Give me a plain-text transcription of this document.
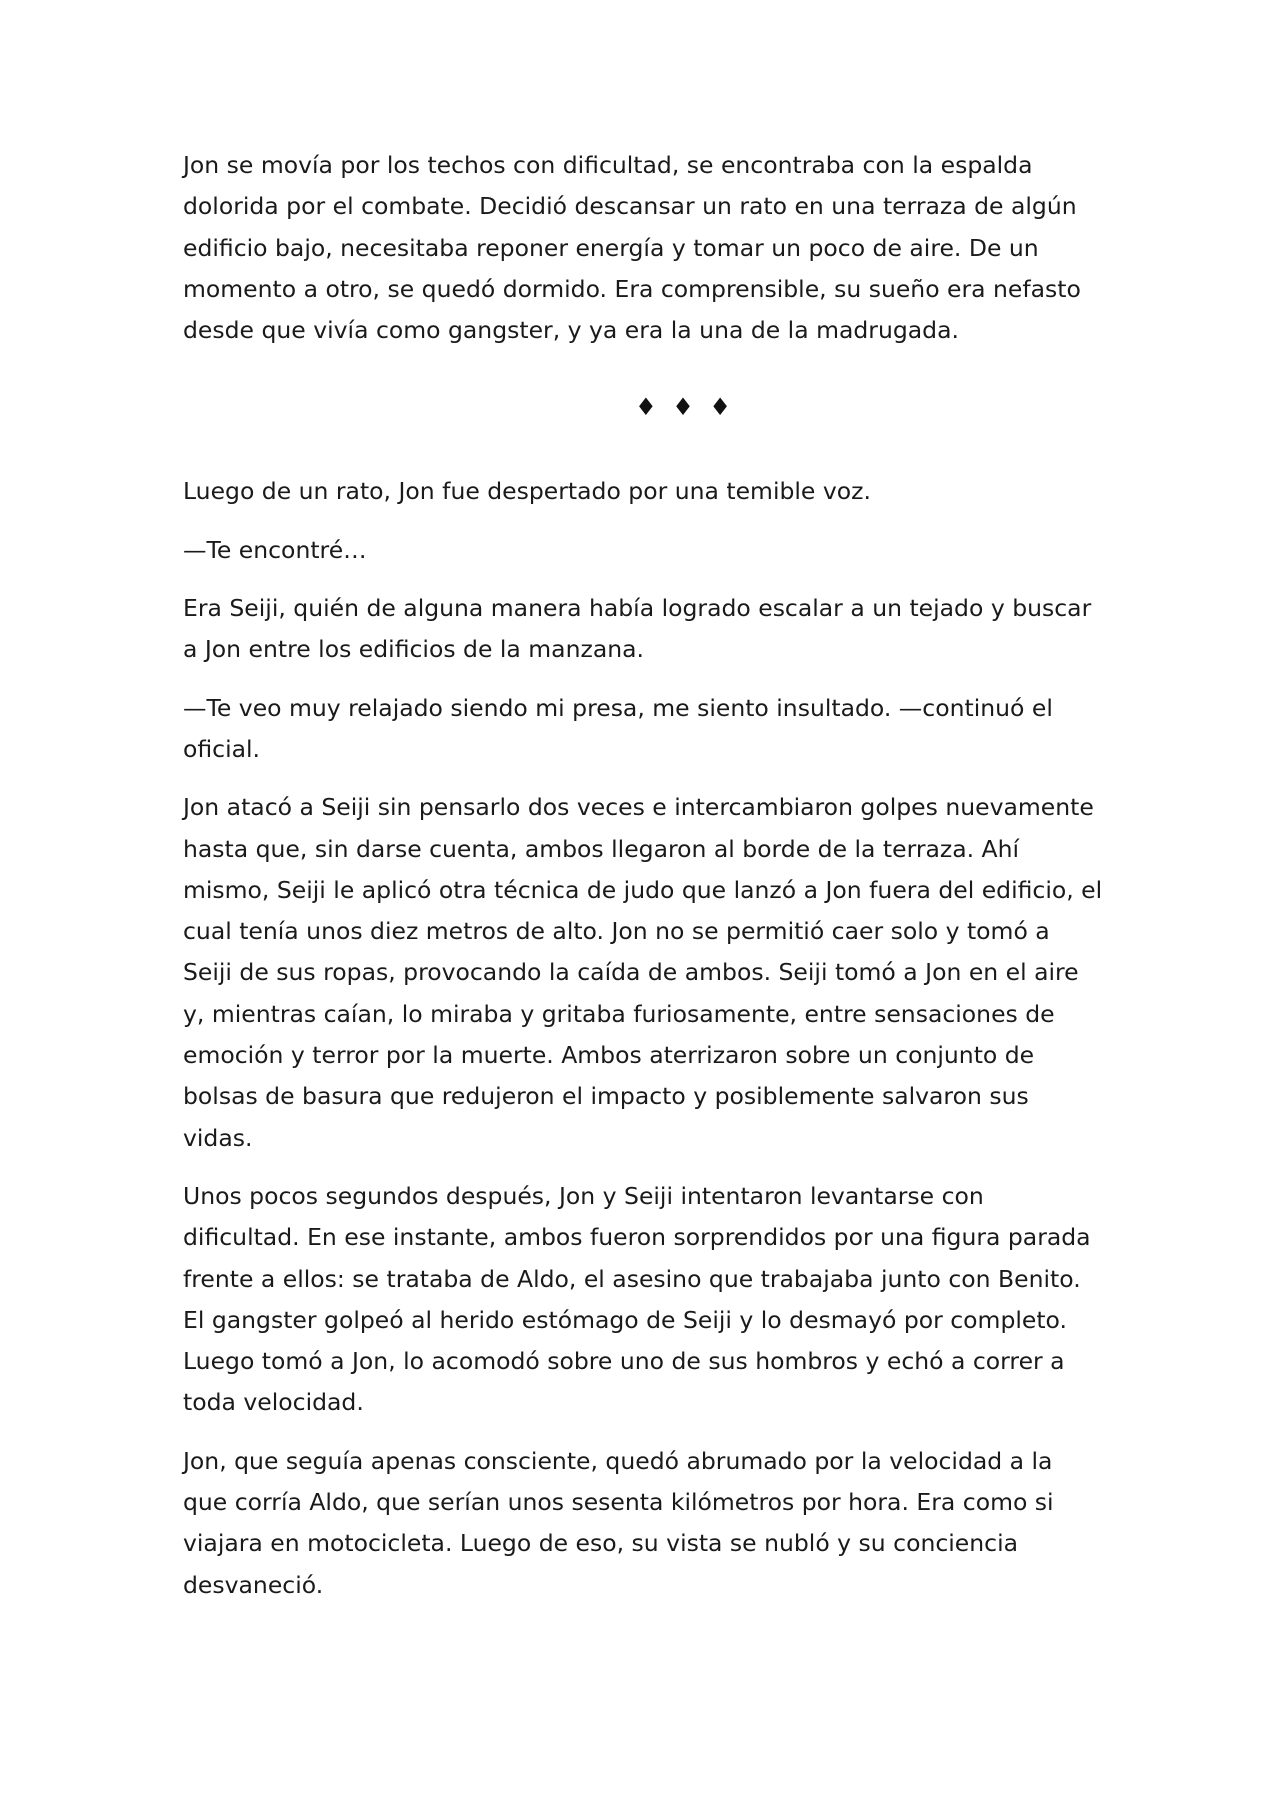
Jon se movía por los techos con dificultad, se encontraba con la espalda dolorida por el combate. Decidió descansar un rato en una terraza de algún edificio bajo, necesitaba reponer energía y tomar un poco de aire. De un momento a otro, se quedó dormido. Era comprensible, su sueño era nefasto desde que vivía como gangster, y ya era la una de la madrugada.

♦ ♦ ♦

Luego de un rato, Jon fue despertado por una temible voz.

—Te encontré…

Era Seiji, quién de alguna manera había logrado escalar a un tejado y buscar a Jon entre los edificios de la manzana.

—Te veo muy relajado siendo mi presa, me siento insultado. —continuó el oficial.

Jon atacó a Seiji sin pensarlo dos veces e intercambiaron golpes nuevamente hasta que, sin darse cuenta, ambos llegaron al borde de la terraza. Ahí mismo, Seiji le aplicó otra técnica de judo que lanzó a Jon fuera del edificio, el cual tenía unos diez metros de alto. Jon no se permitió caer solo y tomó a Seiji de sus ropas, provocando la caída de ambos. Seiji tomó a Jon en el aire y, mientras caían, lo miraba y gritaba furiosamente, entre sensaciones de emoción y terror por la muerte. Ambos aterrizaron sobre un conjunto de bolsas de basura que redujeron el impacto y posiblemente salvaron sus vidas.

Unos pocos segundos después, Jon y Seiji intentaron levantarse con dificultad. En ese instante, ambos fueron sorprendidos por una figura parada frente a ellos: se trataba de Aldo, el asesino que trabajaba junto con Benito. El gangster golpeó al herido estómago de Seiji y lo desmayó por completo. Luego tomó a Jon, lo acomodó sobre uno de sus hombros y echó a correr a toda velocidad.

Jon, que seguía apenas consciente, quedó abrumado por la velocidad a la que corría Aldo, que serían unos sesenta kilómetros por hora. Era como si viajara en motocicleta. Luego de eso, su vista se nubló y su conciencia desvaneció.
